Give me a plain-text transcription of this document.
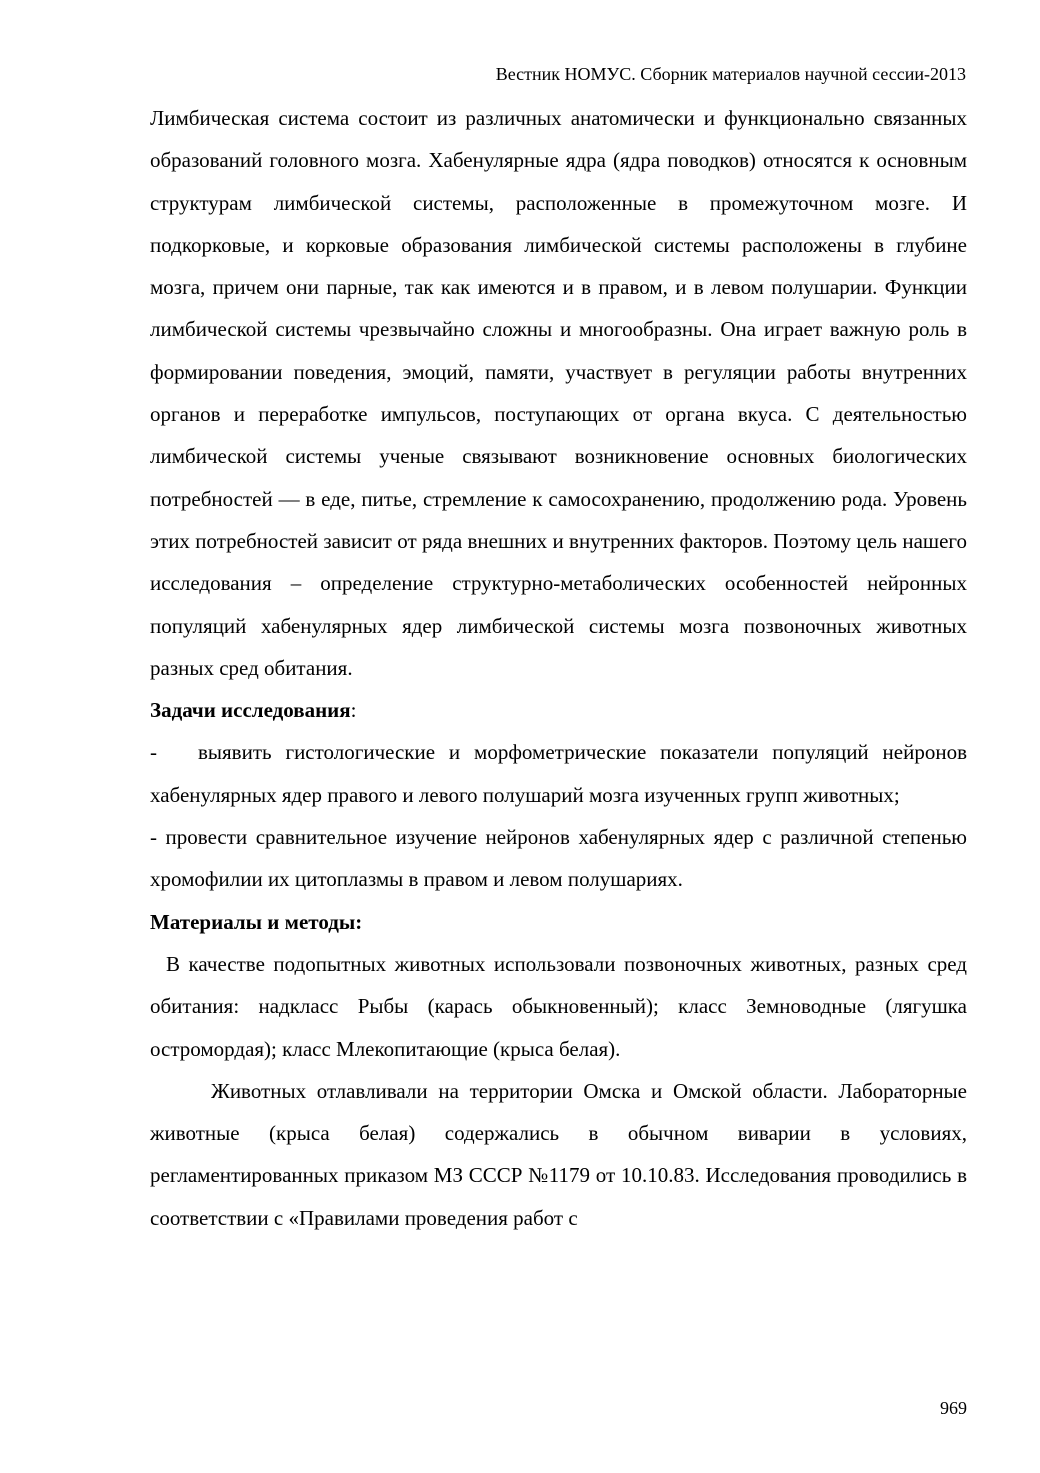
Вестник НОМУС. Сборник материалов научной сессии-2013

Лимбическая система состоит из различных анатомически и функционально связанных образований головного мозга. Хабенулярные ядра (ядра поводков) относятся к основным структурам лимбической системы, расположенные в промежуточном мозге. И подкорковые, и корковые образования лимбической системы расположены в глубине мозга, причем они парные, так как имеются и в правом, и в левом полушарии. Функции лимбической системы чрезвычайно сложны и многообразны. Она играет важную роль в формировании поведения, эмоций, памяти, участвует в регуляции работы внутренних органов и переработке импульсов, поступающих от органа вкуса. С деятельностью лимбической системы ученые связывают возникновение основных биологических потребностей — в еде, питье, стремление к самосохранению, продолжению рода. Уровень этих потребностей зависит от ряда внешних и внутренних факторов. Поэтому цель нашего исследования – определение структурно-метаболических особенностей нейронных популяций хабенулярных ядер лимбической системы мозга позвоночных животных разных сред обитания.

Задачи исследования:

- выявить гистологические и морфометрические показатели популяций нейронов хабенулярных ядер правого и левого полушарий мозга изученных групп животных;

- провести сравнительное изучение нейронов хабенулярных ядер с различной степенью хромофилии их цитоплазмы в правом и левом полушариях.

Материалы и методы:

В качестве подопытных животных использовали позвоночных животных, разных сред обитания: надкласс Рыбы (карась обыкновенный); класс Земноводные (лягушка остромордая); класс Млекопитающие (крыса белая).

Животных отлавливали на территории Омска и Омской области. Лабораторные животные (крыса белая) содержались в обычном виварии в условиях, регламентированных приказом МЗ СССР №1179 от 10.10.83. Исследования проводились в соответствии с «Правилами проведения работ с

969
